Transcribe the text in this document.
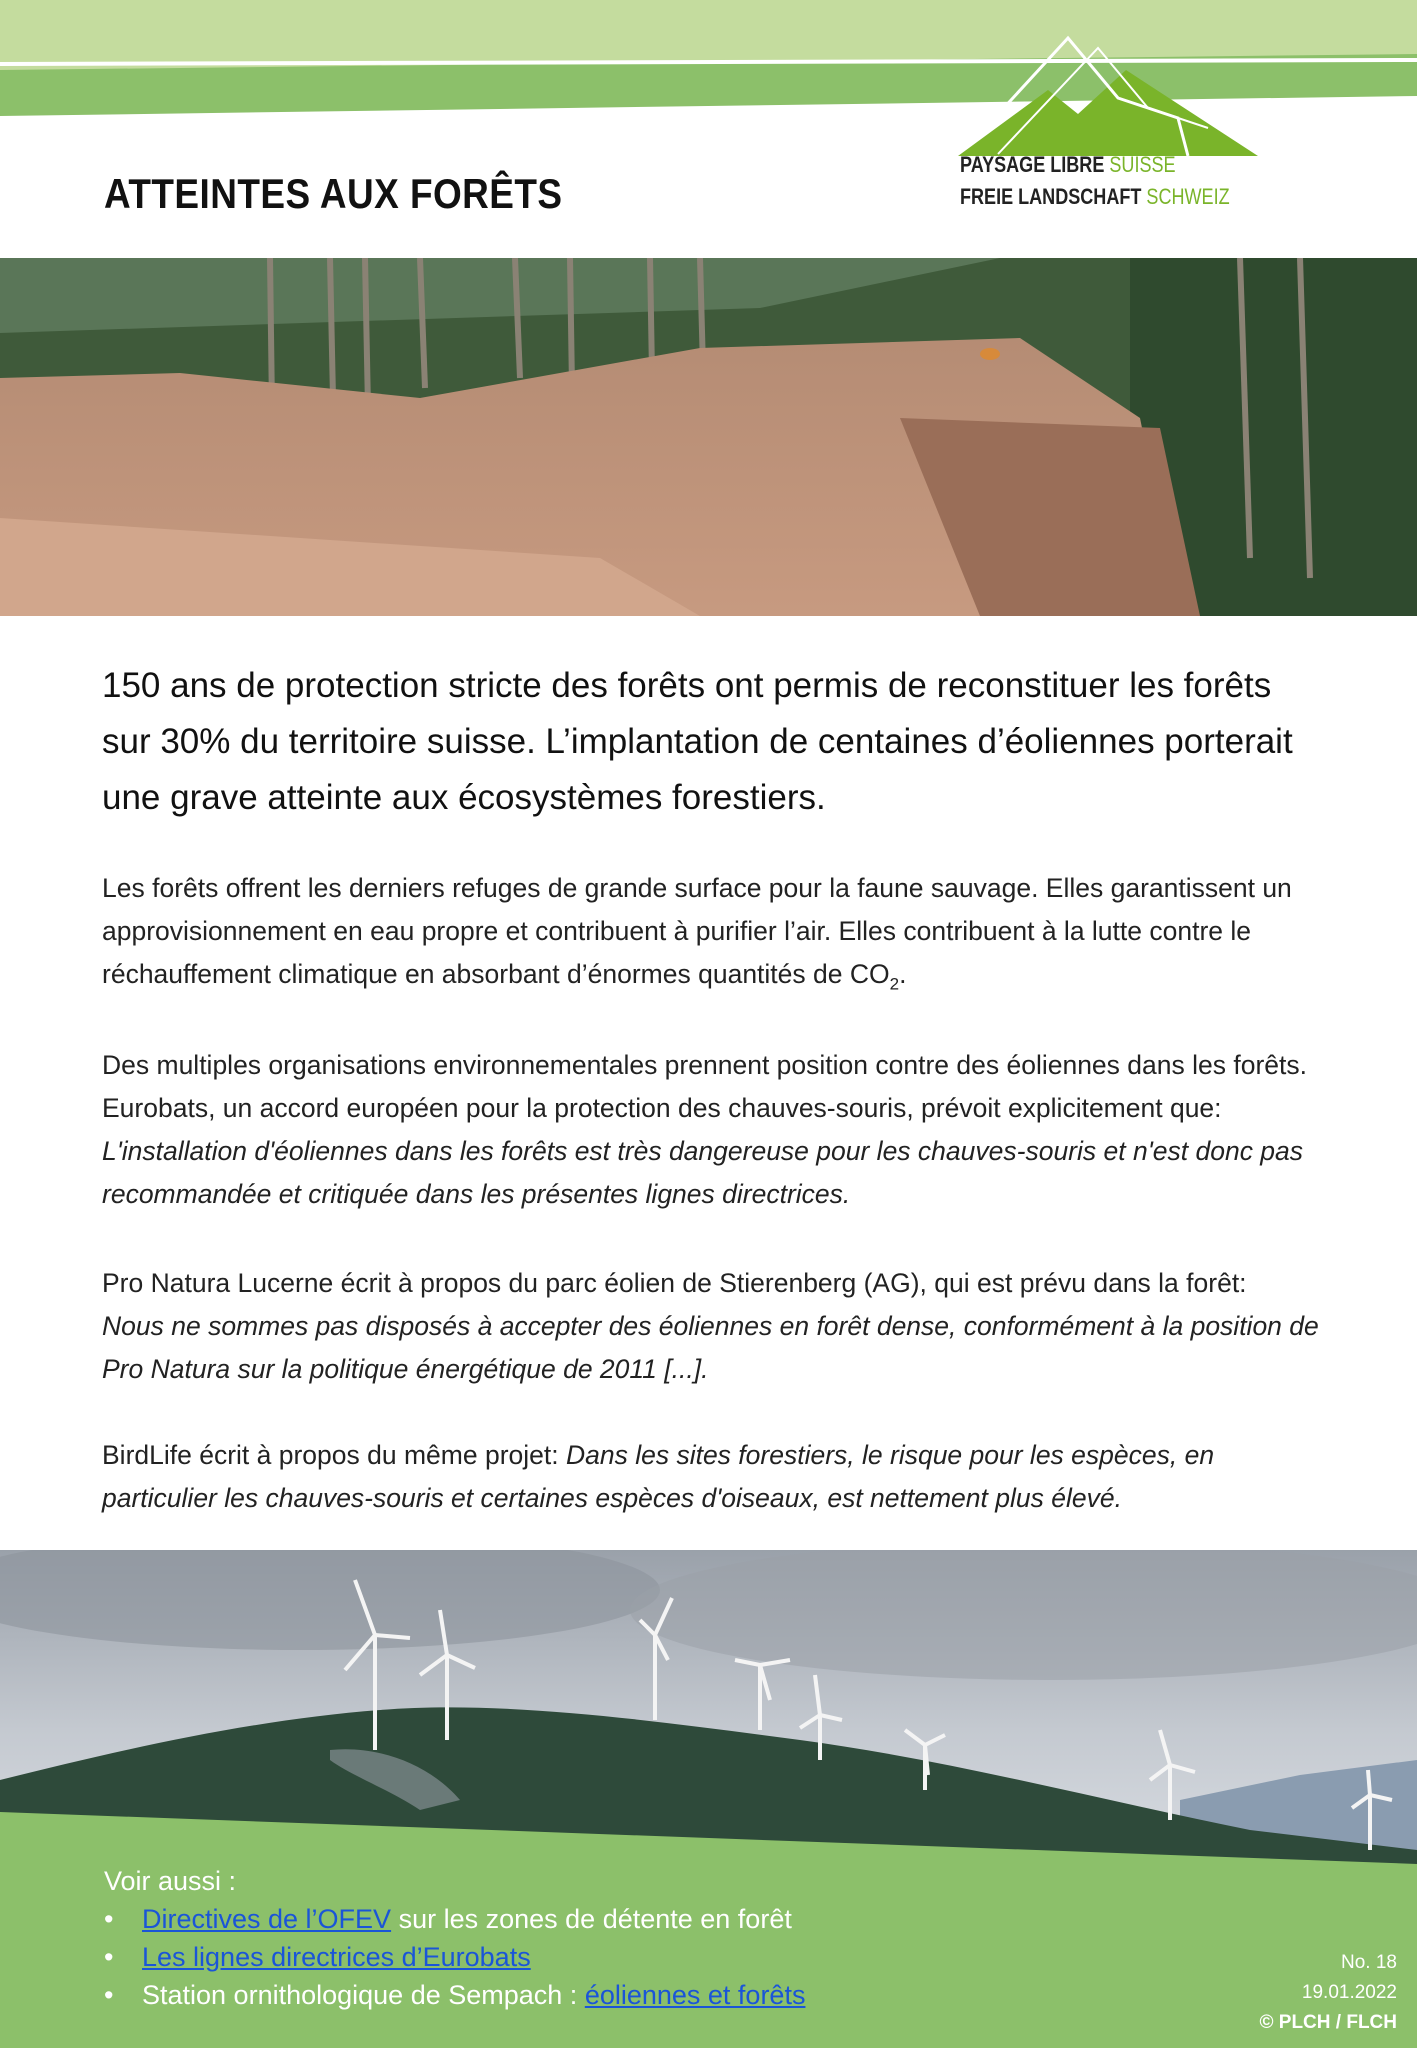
ATTEINTES AUX FORÊTS
PAYSAGE LIBRE SUISSE
FREIE LANDSCHAFT SCHWEIZ
150 ans de protection stricte des forêts ont permis de reconstituer les forêts sur 30% du territoire suisse. L’implantation de centaines d’éoliennes porterait une grave atteinte aux écosystèmes forestiers.
Les forêts offrent les derniers refuges de grande surface pour la faune sauvage. Elles garantissent un
approvisionnement en eau propre et contribuent à purifier l’air. Elles contribuent à la lutte contre le
réchauffement climatique en absorbant d’énormes quantités de $CO_2$.
Des multiples organisations environnementales prennent position contre des éoliennes dans les forêts.
Eurobats, un accord européen pour la protection des chauves-souris, prévoit explicitement que:
L'installation d'éoliennes dans les forêts est très dangereuse pour les chauves-souris et n'est donc pas
recommandée et critiquée dans les présentes lignes directrices.
Pro Natura Lucerne écrit à propos du parc éolien de Stierenberg (AG), qui est prévu dans la forêt:
Nous ne sommes pas disposés à accepter des éoliennes en forêt dense, conformément à la position de
Pro Natura sur la politique énergétique de 2011 [...].
BirdLife écrit à propos du même projet: Dans les sites forestiers, le risque pour les espèces, en
particulier les chauves-souris et certaines espèces d'oiseaux, est nettement plus élevé.
Voir aussi :
• Directives de l’OFEV sur les zones de détente en forêt
• Les lignes directrices d’Eurobats
• Station ornithologique de Sempach : éoliennes et forêts
No. 18
19.01.2022
© PLCH / FLCH
